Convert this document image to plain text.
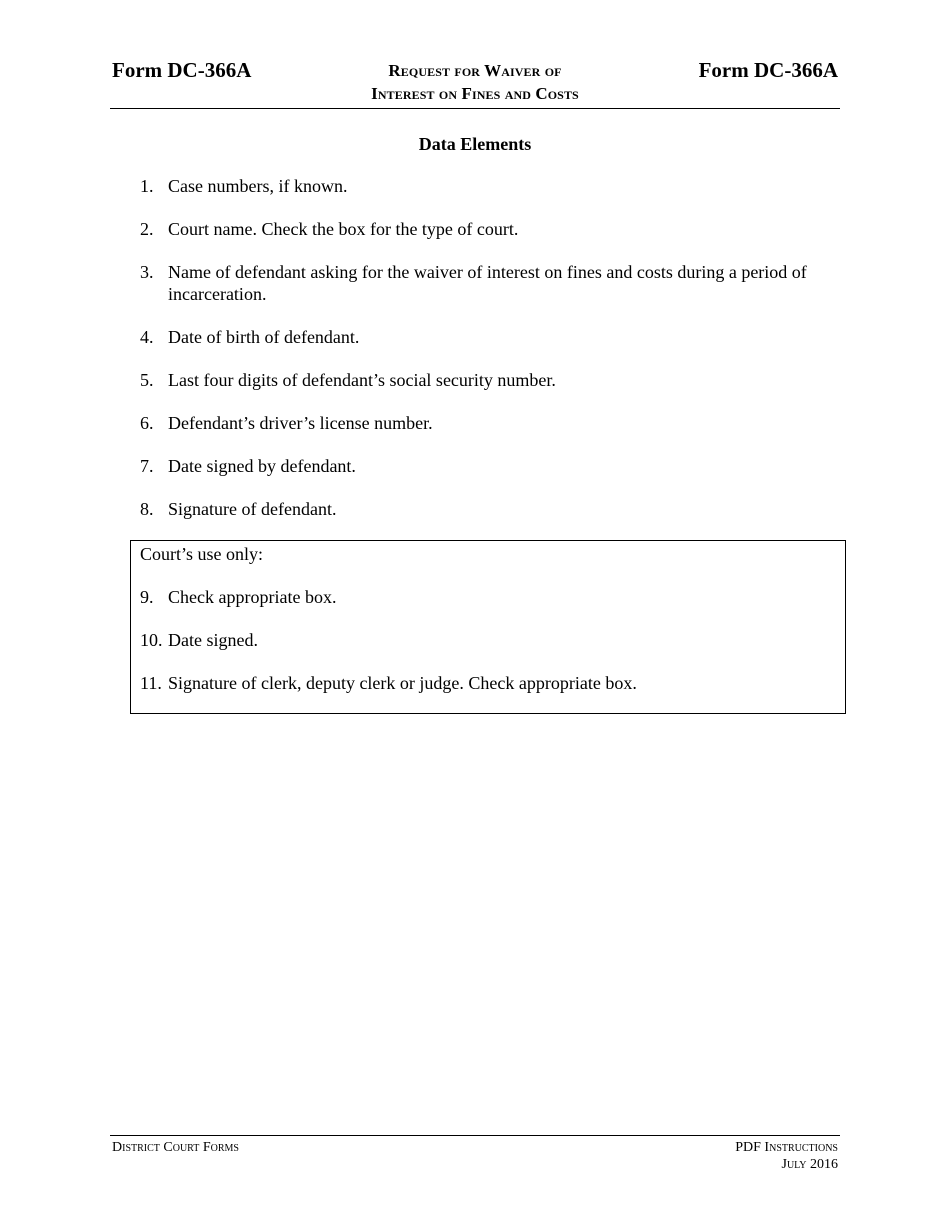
Form DC-366A	Request for Waiver of
Interest on Fines and Costs
Form DC-366A
Data Elements
1. Case numbers, if known.
2. Court name. Check the box for the type of court.
3. Name of defendant asking for the waiver of interest on fines and costs during a period of incarceration.
4. Date of birth of defendant.
5. Last four digits of defendant’s social security number.
6. Defendant’s driver’s license number.
7. Date signed by defendant.
8. Signature of defendant.
Court’s use only:
9. Check appropriate box.
10. Date signed.
11. Signature of clerk, deputy clerk or judge. Check appropriate box.
District Court Forms	PDF Instructions
July 2016
